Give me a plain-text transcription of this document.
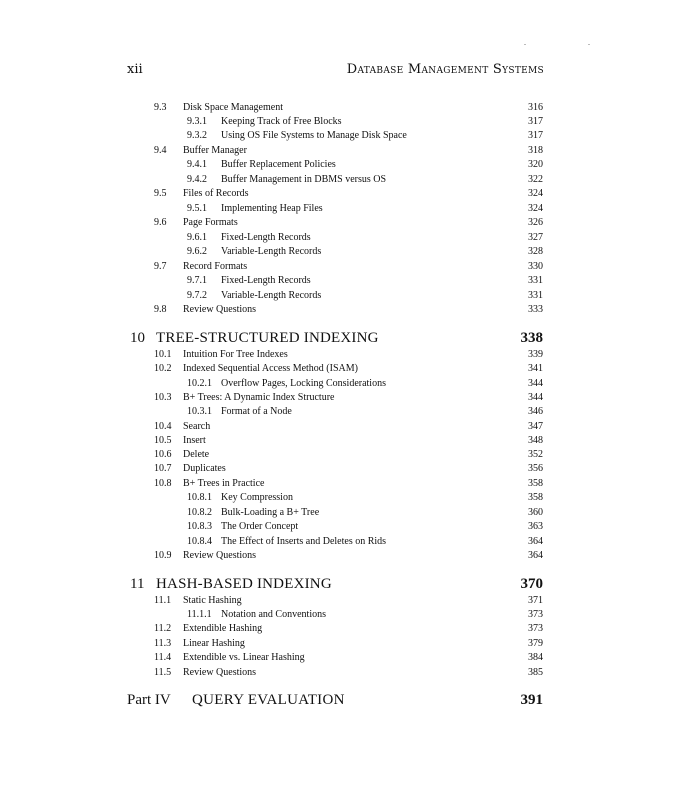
xii	Database Management Systems
9.3 Disk Space Management	316
9.3.1 Keeping Track of Free Blocks	317
9.3.2 Using OS File Systems to Manage Disk Space	317
9.4 Buffer Manager	318
9.4.1 Buffer Replacement Policies	320
9.4.2 Buffer Management in DBMS versus OS	322
9.5 Files of Records	324
9.5.1 Implementing Heap Files	324
9.6 Page Formats	326
9.6.1 Fixed-Length Records	327
9.6.2 Variable-Length Records	328
9.7 Record Formats	330
9.7.1 Fixed-Length Records	331
9.7.2 Variable-Length Records	331
9.8 Review Questions	333
10 TREE-STRUCTURED INDEXING	338
10.1 Intuition For Tree Indexes	339
10.2 Indexed Sequential Access Method (ISAM)	341
10.2.1 Overflow Pages, Locking Considerations	344
10.3 B+ Trees: A Dynamic Index Structure	344
10.3.1 Format of a Node	346
10.4 Search	347
10.5 Insert	348
10.6 Delete	352
10.7 Duplicates	356
10.8 B+ Trees in Practice	358
10.8.1 Key Compression	358
10.8.2 Bulk-Loading a B+ Tree	360
10.8.3 The Order Concept	363
10.8.4 The Effect of Inserts and Deletes on Rids	364
10.9 Review Questions	364
11 HASH-BASED INDEXING	370
11.1 Static Hashing	371
11.1.1 Notation and Conventions	373
11.2 Extendible Hashing	373
11.3 Linear Hashing	379
11.4 Extendible vs. Linear Hashing	384
11.5 Review Questions	385
Part IV QUERY EVALUATION	391
